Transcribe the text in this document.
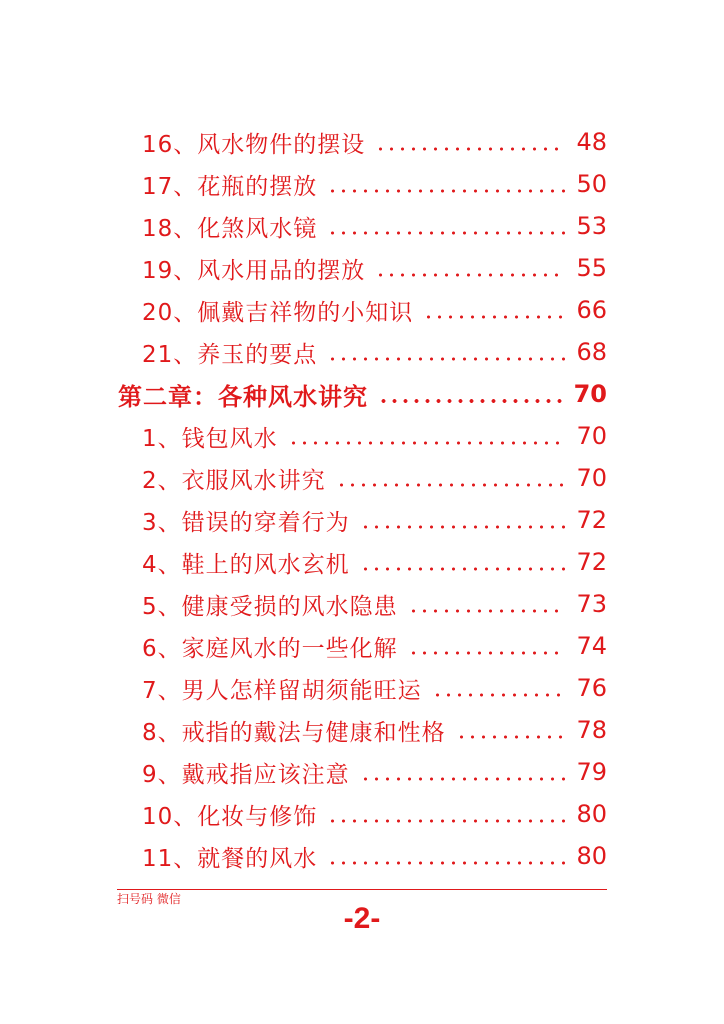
16、风水物件的摆设	48
17、花瓶的摆放	50
18、化煞风水镜	53
19、风水用品的摆放	55
20、佩戴吉祥物的小知识	66
21、养玉的要点	68
第二章：各种风水讲究	70
1、钱包风水	70
2、衣服风水讲究	70
3、错误的穿着行为	72
4、鞋上的风水玄机	72
5、健康受损的风水隐患	73
6、家庭风水的一些化解	74
7、男人怎样留胡须能旺运	76
8、戒指的戴法与健康和性格	78
9、戴戒指应该注意	79
10、化妆与修饰	80
11、就餐的风水	80
扫号码 微信
-2-
